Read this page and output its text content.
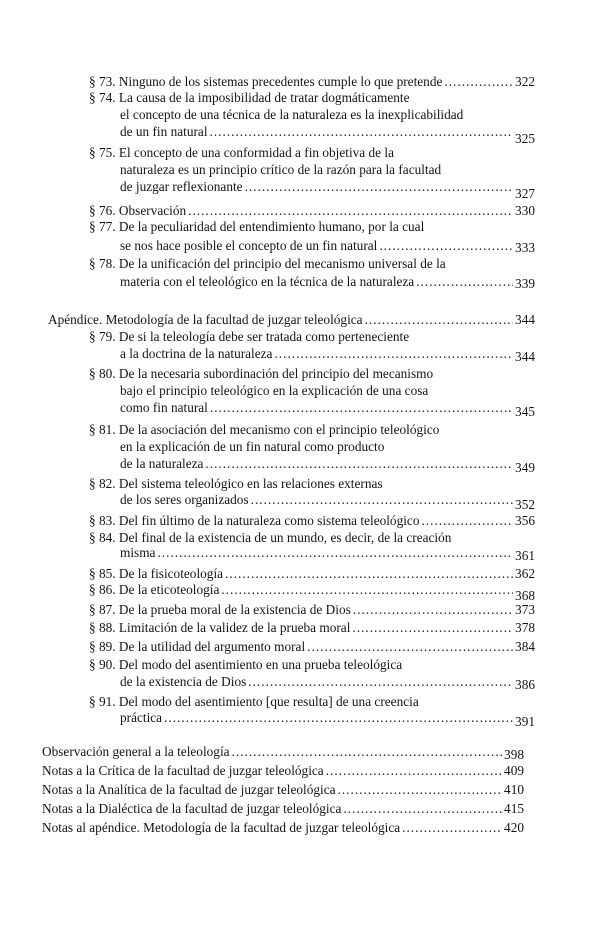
§ 73. Ninguno de los sistemas precedentes cumple lo que pretende .....	322
§ 74. La causa de la imposibilidad de tratar dogmáticamente
el concepto de una técnica de la naturaleza es la inexplicabilidad
de un fin natural .....	325
§ 75. El concepto de una conformidad a fin objetiva de la
naturaleza es un principio crítico de la razón para la facultad
de juzgar reflexionante .....	327
§ 76. Observación .....	330
§ 77. De la peculiaridad del entendimiento humano, por la cual
se nos hace posible el concepto de un fin natural .....	333
§ 78. De la unificación del principio del mecanismo universal de la
materia con el teleológico en la técnica de la naturaleza .....	339
Apéndice. Metodología de la facultad de juzgar teleológica .....	344
§ 79. De si la teleología debe ser tratada como perteneciente
a la doctrina de la naturaleza .....	344
§ 80. De la necesaria subordinación del principio del mecanismo
bajo el principio teleológico en la explicación de una cosa
como fin natural .....	345
§ 81. De la asociación del mecanismo con el principio teleológico
en la explicación de un fin natural como producto
de la naturaleza .....	349
§ 82. Del sistema teleológico en las relaciones externas
de los seres organizados .....	352
§ 83. Del fin último de la naturaleza como sistema teleológico .....	356
§ 84. Del final de la existencia de un mundo, es decir, de la creación
misma .....	361
§ 85. De la fisicoteología .....	362
§ 86. De la eticoteología .....	368
§ 87. De la prueba moral de la existencia de Dios .....	373
§ 88. Limitación de la validez de la prueba moral .....	378
§ 89. De la utilidad del argumento moral .....	384
§ 90. Del modo del asentimiento en una prueba teleológica
de la existencia de Dios .....	386
§ 91. Del modo del asentimiento [que resulta] de una creencia
práctica .....	391
Observación general a la teleología .....	398
Notas a la Crítica de la facultad de juzgar teleológica .....	409
Notas a la Analítica de la facultad de juzgar teleológica .....	410
Notas a la Dialéctica de la facultad de juzgar teleológica .....	415
Notas al apéndice. Metodología de la facultad de juzgar teleológica .....	420
